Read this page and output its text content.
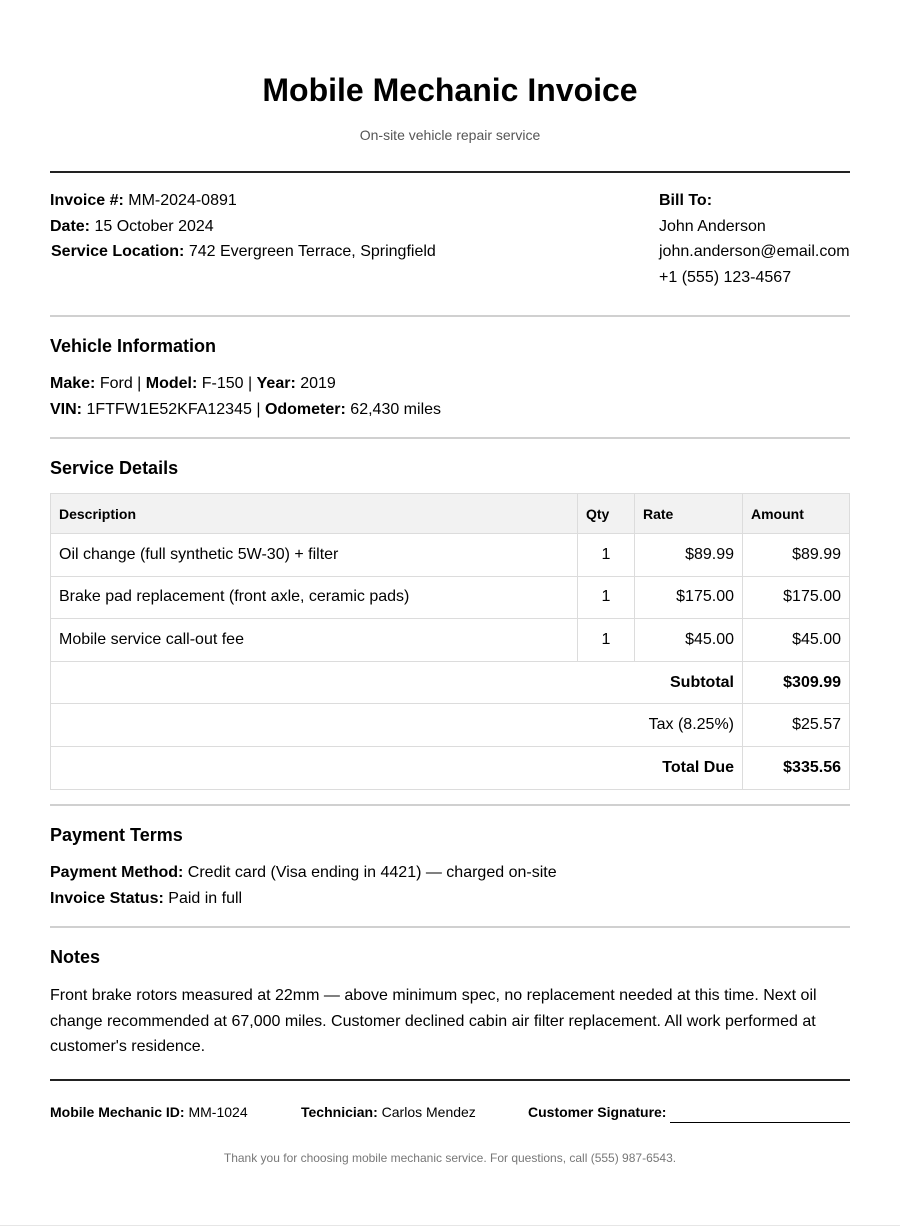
Mobile Mechanic Invoice
On-site vehicle repair service
Invoice #: MM-2024-0891
Date: 15 October 2024
Service Location: 742 Evergreen Terrace, Springfield
Bill To:
John Anderson
john.anderson@email.com
+1 (555) 123-4567
Vehicle Information
Make: Ford | Model: F-150 | Year: 2019
VIN: 1FTFW1E52KFA12345 | Odometer: 62,430 miles
Service Details
Description	Qty	Rate	Amount
Oil change (full synthetic 5W-30) + filter	1	$89.99	$89.99
Brake pad replacement (front axle, ceramic pads)	1	$175.00	$175.00
Mobile service call-out fee	1	$45.00	$45.00
Subtotal			$309.99
Tax (8.25%)			$25.57
Total Due			$335.56
Payment Terms
Payment Method: Credit card (Visa ending in 4421) — charged on-site
Invoice Status: Paid in full
Notes
Front brake rotors measured at 22mm — above minimum spec, no replacement needed at this time. Next oil change recommended at 67,000 miles. Customer declined cabin air filter replacement. All work performed at customer's residence.
Mobile Mechanic ID: MM-1024	Technician: Carlos Mendez	Customer Signature:
Thank you for choosing mobile mechanic service. For questions, call (555) 987-6543.
